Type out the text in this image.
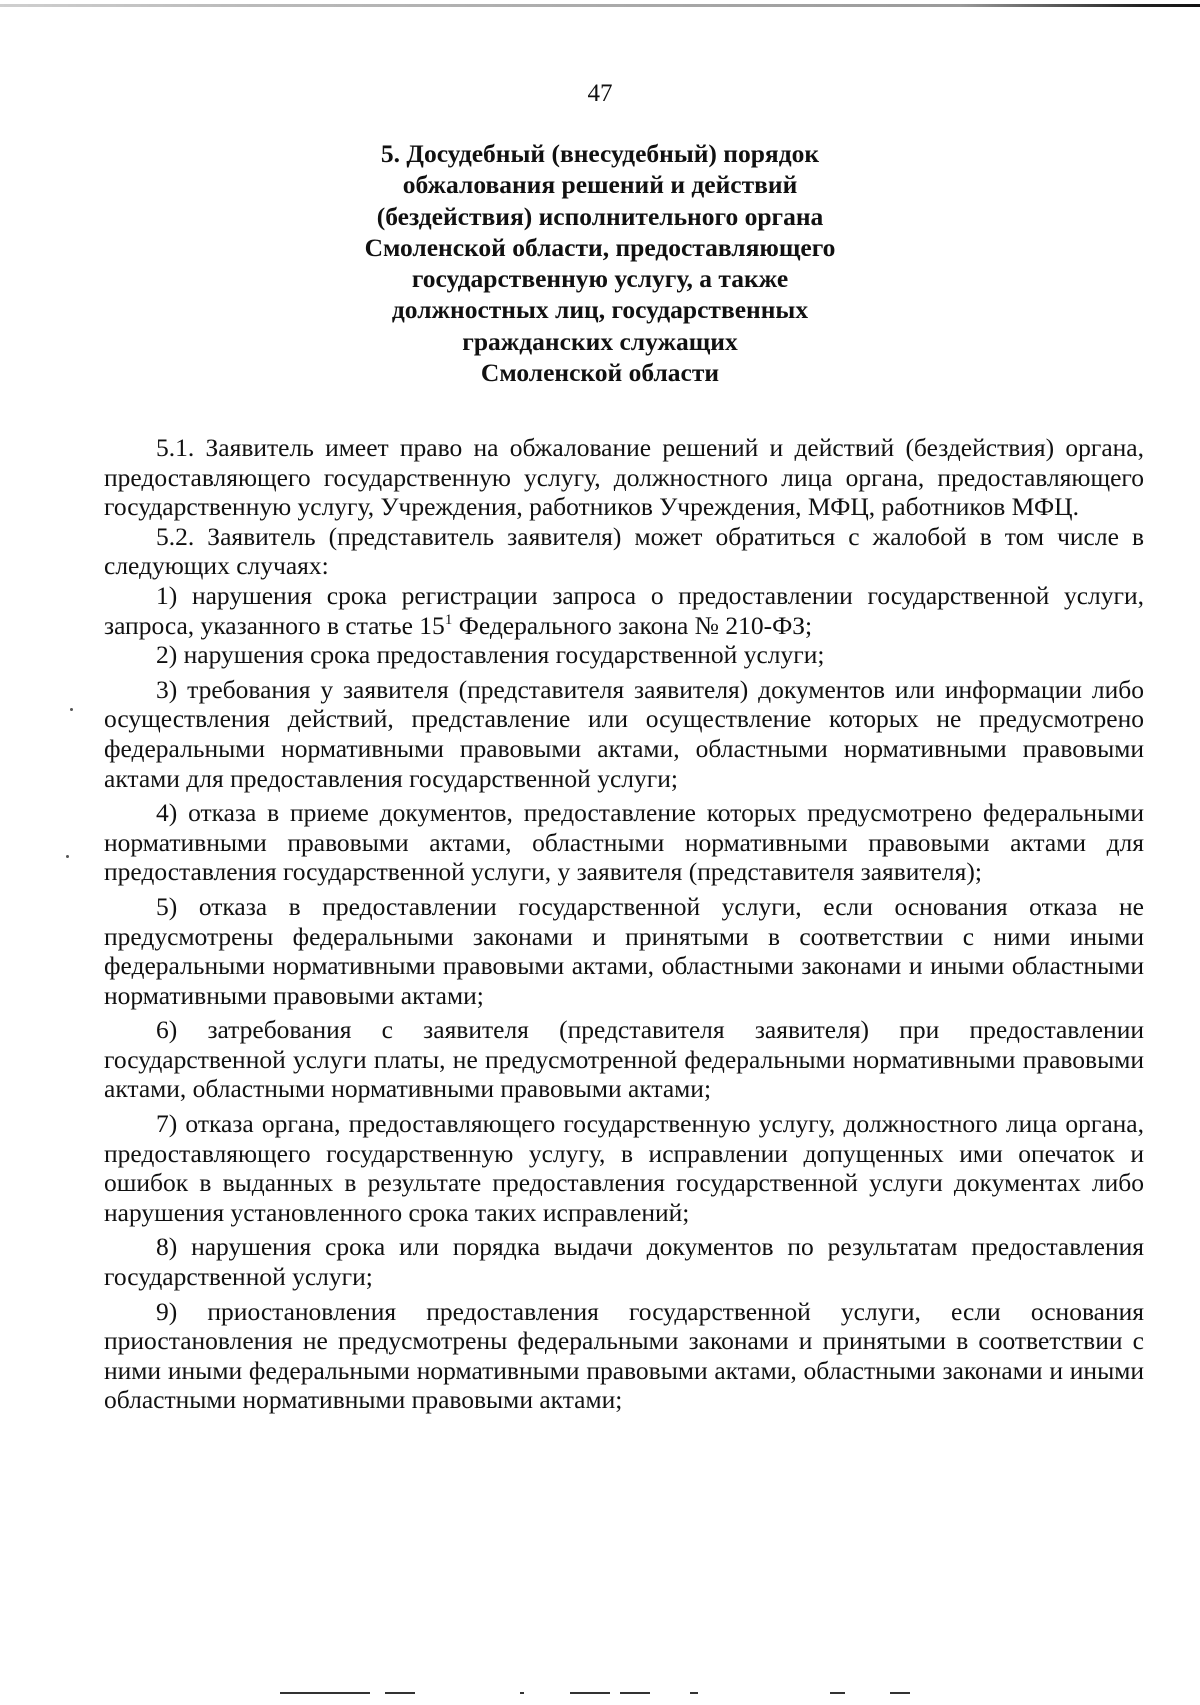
47
5. Досудебный (внесудебный) порядок
обжалования решений и действий
(бездействия) исполнительного органа
Смоленской области, предоставляющего
государственную услугу, а также
должностных лиц, государственных
гражданских служащих
Смоленской области

5.1. Заявитель имеет право на обжалование решений и действий (бездействия) органа, предоставляющего государственную услугу, должностного лица органа, предоставляющего государственную услугу, Учреждения, работников Учреждения, МФЦ, работников МФЦ.

5.2. Заявитель (представитель заявителя) может обратиться с жалобой в том числе в следующих случаях:

1) нарушения срока регистрации запроса о предоставлении государственной услуги, запроса, указанного в статье $15^1$ Федерального закона № 210-ФЗ;

2) нарушения срока предоставления государственной услуги;

3) требования у заявителя (представителя заявителя) документов или информации либо осуществления действий, представление или осуществление которых не предусмотрено федеральными нормативными правовыми актами, областными нормативными правовыми актами для предоставления государственной услуги;

4) отказа в приеме документов, предоставление которых предусмотрено федеральными нормативными правовыми актами, областными нормативными правовыми актами для предоставления государственной услуги, у заявителя (представителя заявителя);

5) отказа в предоставлении государственной услуги, если основания отказа не предусмотрены федеральными законами и принятыми в соответствии с ними иными федеральными нормативными правовыми актами, областными законами и иными областными нормативными правовыми актами;

6) затребования с заявителя (представителя заявителя) при предоставлении государственной услуги платы, не предусмотренной федеральными нормативными правовыми актами, областными нормативными правовыми актами;

7) отказа органа, предоставляющего государственную услугу, должностного лица органа, предоставляющего государственную услугу, в исправлении допущенных ими опечаток и ошибок в выданных в результате предоставления государственной услуги документах либо нарушения установленного срока таких исправлений;

8) нарушения срока или порядка выдачи документов по результатам предоставления государственной услуги;

9) приостановления предоставления государственной услуги, если основания приостановления не предусмотрены федеральными законами и принятыми в соответствии с ними иными федеральными нормативными правовыми актами, областными законами и иными областными нормативными правовыми актами;
